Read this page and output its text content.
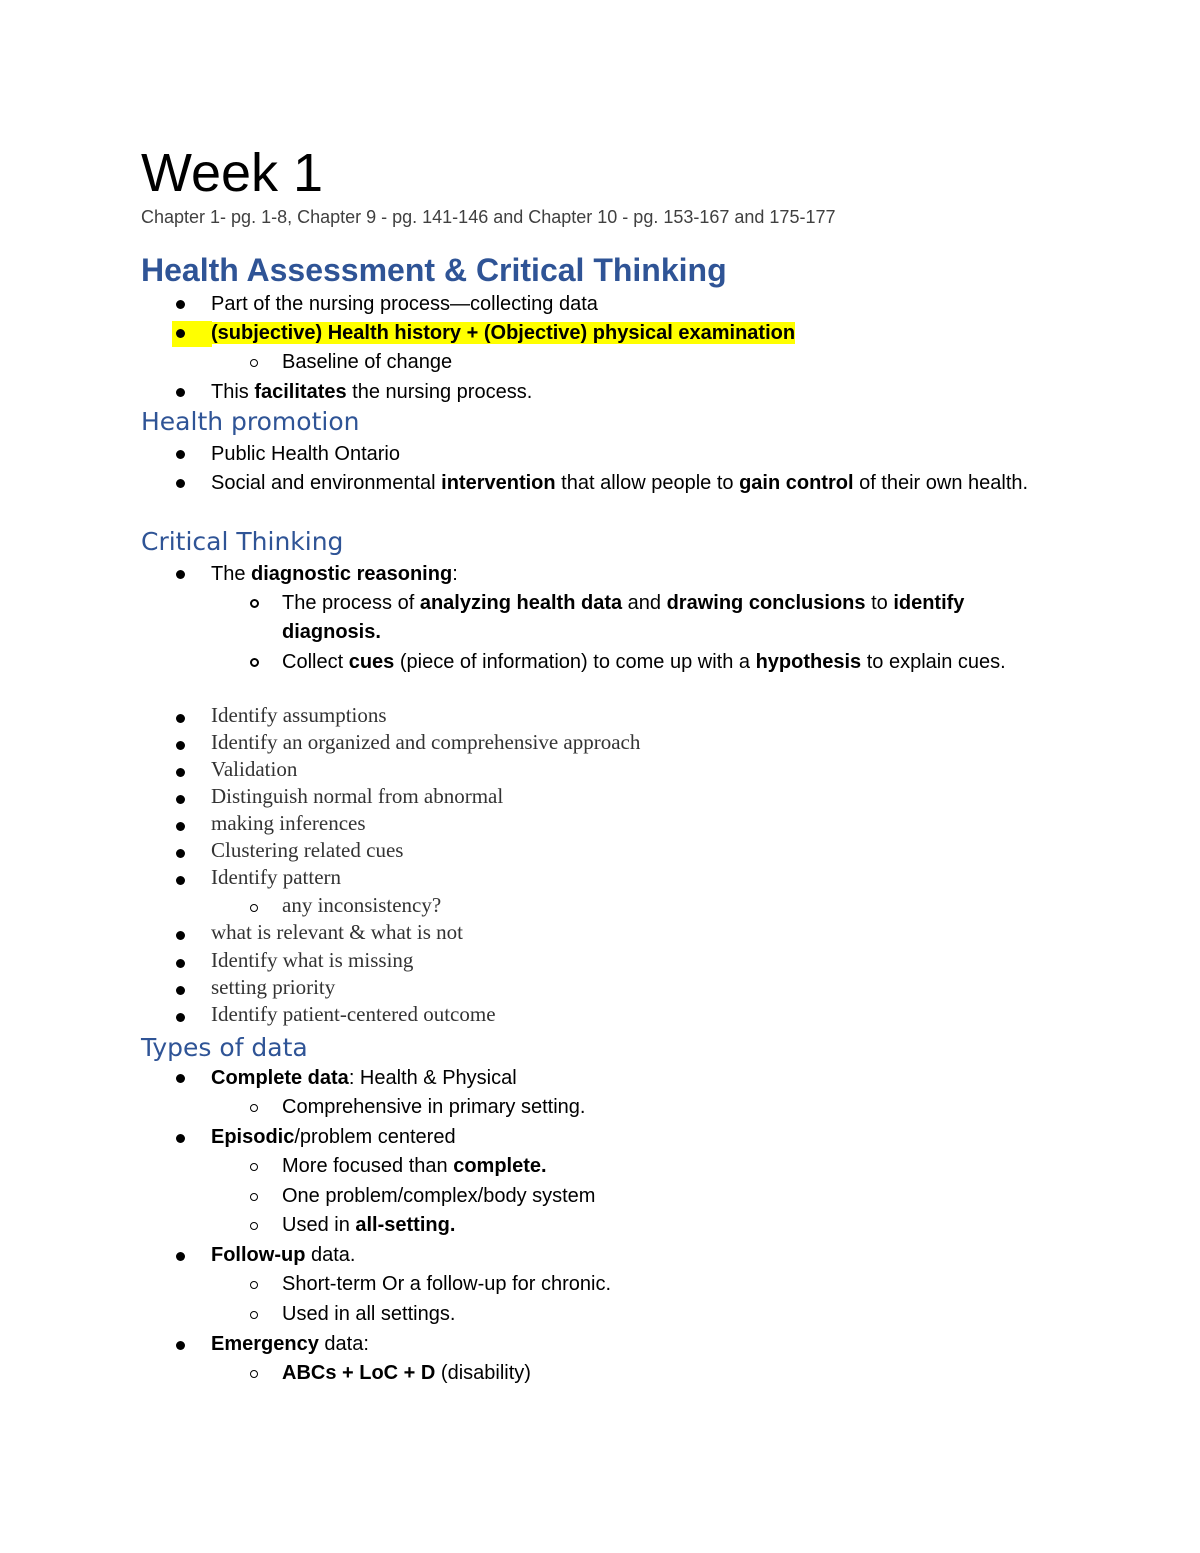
Week 1
Chapter 1- pg. 1-8, Chapter 9 - pg. 141-146 and Chapter 10 - pg. 153-167 and 175-177
Health Assessment & Critical Thinking
Part of the nursing process—collecting data
(subjective) Health history + (Objective) physical examination
Baseline of change
This facilitates the nursing process.
Health promotion
Public Health Ontario
Social and environmental intervention that allow people to gain control of their own health.
Critical Thinking
The diagnostic reasoning:
The process of analyzing health data and drawing conclusions to identify diagnosis.
Collect cues (piece of information) to come up with a hypothesis to explain cues.
Identify assumptions
Identify an organized and comprehensive approach
Validation
Distinguish normal from abnormal
making inferences
Clustering related cues
Identify pattern
any inconsistency?
what is relevant & what is not
Identify what is missing
setting priority
Identify patient-centered outcome
Types of data
Complete data: Health & Physical
Comprehensive in primary setting.
Episodic/problem centered
More focused than complete.
One problem/complex/body system
Used in all-setting.
Follow-up data.
Short-term Or a follow-up for chronic.
Used in all settings.
Emergency data:
ABCs + LoC + D (disability)
